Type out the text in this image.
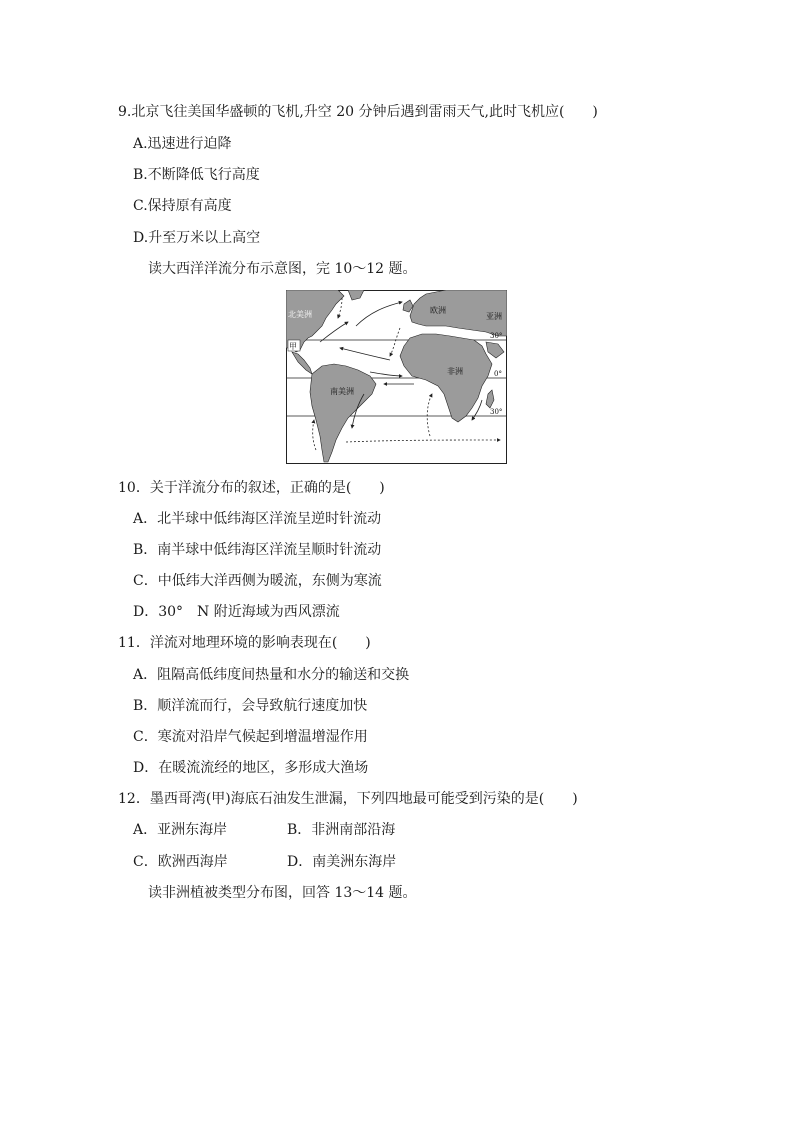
9.北京飞往美国华盛顿的飞机,升空 20 分钟后遇到雷雨天气,此时飞机应(　　)
A.迅速进行迫降
B.不断降低飞行高度
C.保持原有高度
D.升至万米以上高空
读大西洋洋流分布示意图，完 10～12 题。
北美洲	欧洲
亚洲
非洲
南美洲
甲
30°
0°
30°
10．关于洋流分布的叙述，正确的是(　　)
A．北半球中低纬海区洋流呈逆时针流动
B．南半球中低纬海区洋流呈顺时针流动
C．中低纬大洋西侧为暖流，东侧为寒流
D．30°　N 附近海域为西风漂流
11．洋流对地理环境的影响表现在(　　)
A．阻隔高低纬度间热量和水分的输送和交换
B．顺洋流而行，会导致航行速度加快
C．寒流对沿岸气候起到增温增湿作用
D．在暖流流经的地区，多形成大渔场
12．墨西哥湾(甲)海底石油发生泄漏，下列四地最可能受到污染的是(　　)
A．亚洲东海岸	B．非洲南部沿海
C．欧洲西海岸	D．南美洲东海岸
读非洲植被类型分布图，回答 13～14 题。
